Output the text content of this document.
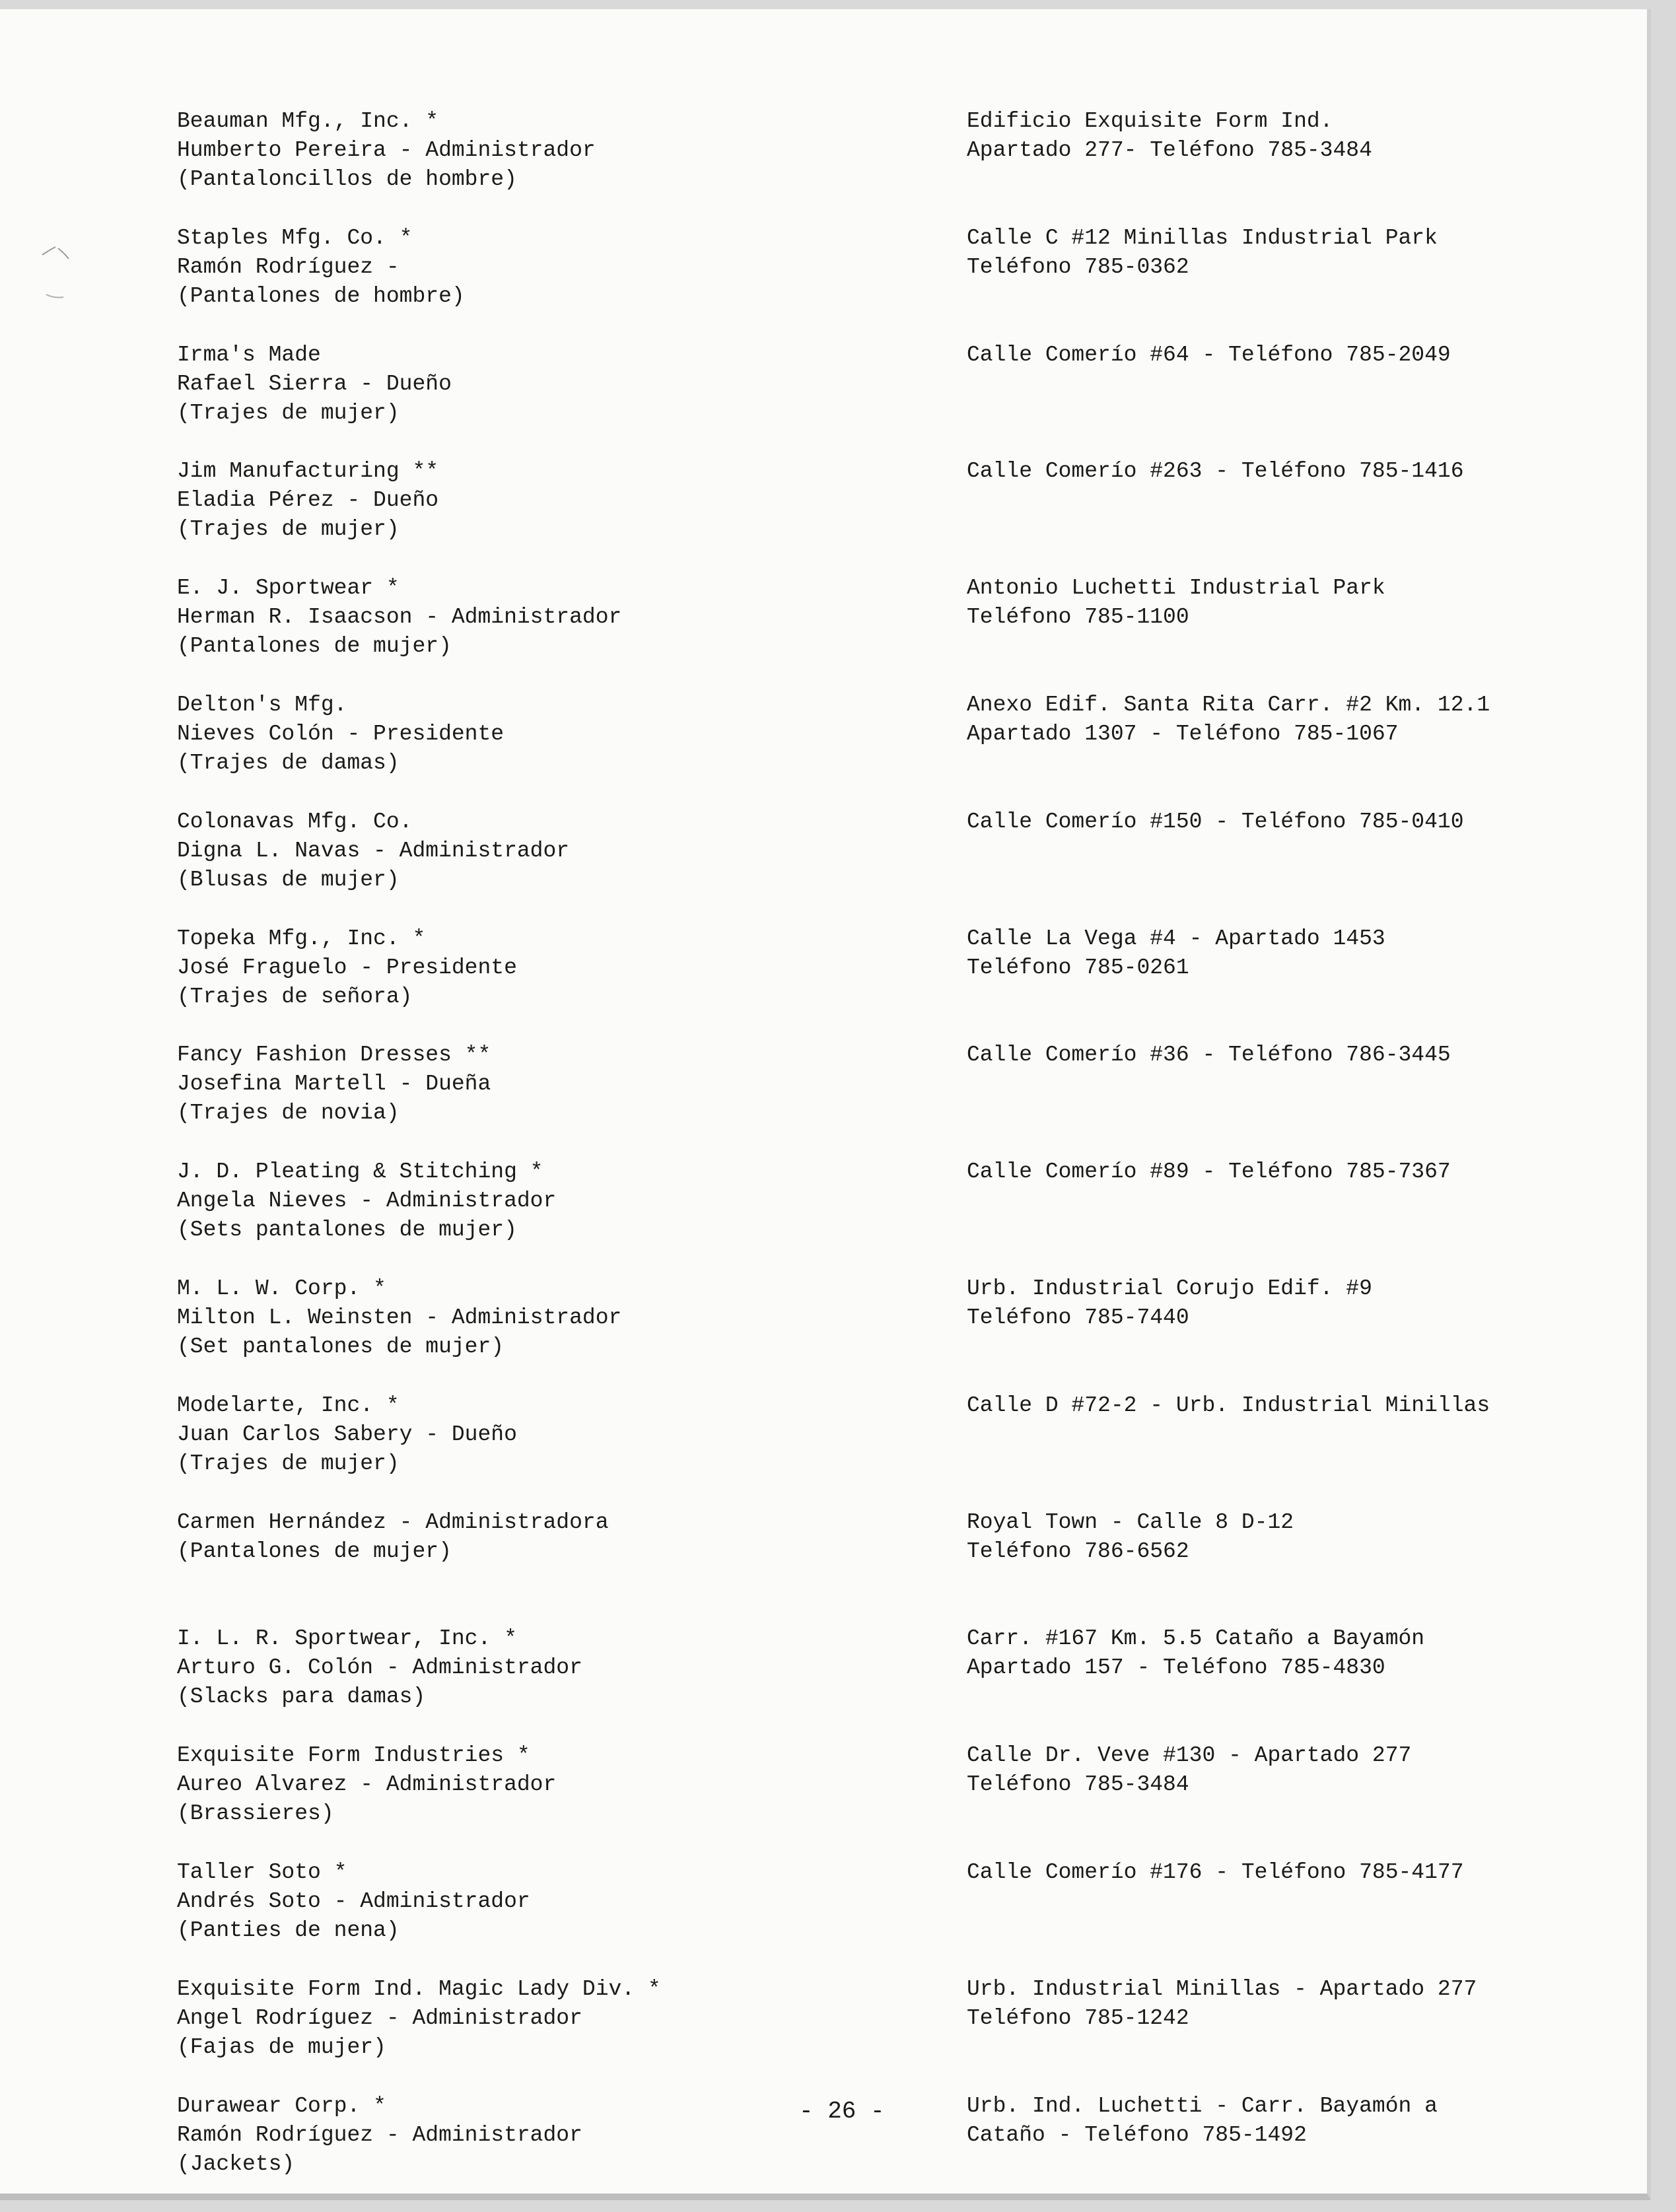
Beauman Mfg., Inc. *
Humberto Pereira - Administrador
(Pantaloncillos de hombre)
Edificio Exquisite Form Ind.
Apartado 277- Teléfono 785-3484
Staples Mfg. Co. *
Ramón Rodríguez -
(Pantalones de hombre)
Calle C #12 Minillas Industrial Park
Teléfono 785-0362
Irma's Made
Rafael Sierra - Dueño
(Trajes de mujer)
Calle Comerío #64 - Teléfono 785-2049
Jim Manufacturing **
Eladia Pérez - Dueño
(Trajes de mujer)
Calle Comerío #263 - Teléfono 785-1416
E. J. Sportwear *
Herman R. Isaacson - Administrador
(Pantalones de mujer)
Antonio Luchetti Industrial Park
Teléfono 785-1100
Delton's Mfg.
Nieves Colón - Presidente
(Trajes de damas)
Anexo Edif. Santa Rita Carr. #2 Km. 12.1
Apartado 1307 - Teléfono 785-1067
Colonavas Mfg. Co.
Digna L. Navas - Administrador
(Blusas de mujer)
Calle Comerío #150 - Teléfono 785-0410
Topeka Mfg., Inc. *
José Fraguelo - Presidente
(Trajes de señora)
Calle La Vega #4 - Apartado 1453
Teléfono 785-0261
Fancy Fashion Dresses **
Josefina Martell - Dueña
(Trajes de novia)
Calle Comerío #36 - Teléfono 786-3445
J. D. Pleating & Stitching *
Angela Nieves - Administrador
(Sets pantalones de mujer)
Calle Comerío #89 - Teléfono 785-7367
M. L. W. Corp. *
Milton L. Weinsten - Administrador
(Set pantalones de mujer)
Urb. Industrial Corujo Edif. #9
Teléfono 785-7440
Modelarte, Inc. *
Juan Carlos Sabery - Dueño
(Trajes de mujer)
Calle D #72-2 - Urb. Industrial Minillas
Carmen Hernández - Administradora
(Pantalones de mujer)
Royal Town - Calle 8 D-12
Teléfono 786-6562
I. L. R. Sportwear, Inc. *
Arturo G. Colón - Administrador
(Slacks para damas)
Carr. #167 Km. 5.5 Cataño a Bayamón
Apartado 157 - Teléfono 785-4830
Exquisite Form Industries *
Aureo Alvarez - Administrador
(Brassieres)
Calle Dr. Veve #130 - Apartado 277
Teléfono 785-3484
Taller Soto *
Andrés Soto - Administrador
(Panties de nena)
Calle Comerío #176 - Teléfono 785-4177
Exquisite Form Ind. Magic Lady Div. *
Angel Rodríguez - Administrador
(Fajas de mujer)
Urb. Industrial Minillas - Apartado 277
Teléfono 785-1242
Durawear Corp. *
Ramón Rodríguez - Administrador
(Jackets)
Urb. Ind. Luchetti - Carr. Bayamón a
Cataño - Teléfono 785-1492
- 26 -
